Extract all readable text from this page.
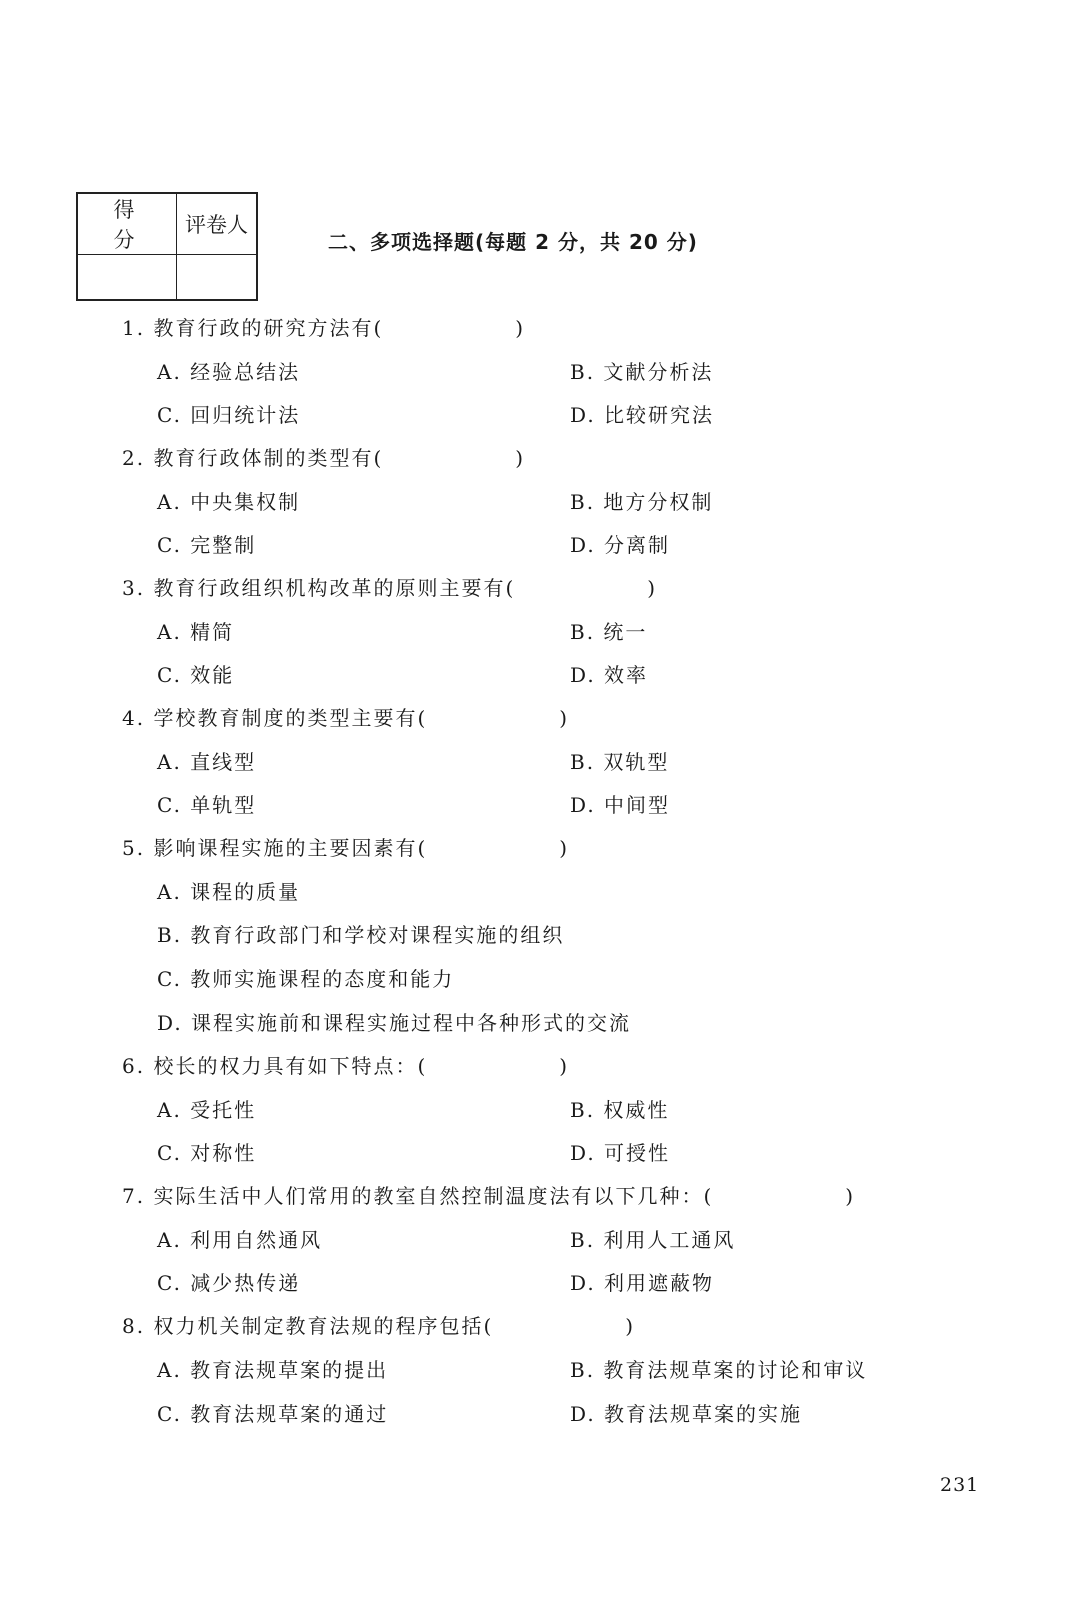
得 分	评卷人

二、多项选择题(每题 2 分，共 20 分)
1. 教育行政的研究方法有(　　　　　　)
A. 经验总结法	B. 文献分析法
C. 回归统计法	D. 比较研究法
2. 教育行政体制的类型有(　　　　　　)
A. 中央集权制	B. 地方分权制
C. 完整制	D. 分离制
3. 教育行政组织机构改革的原则主要有(　　　　　　)
A. 精简	B. 统一
C. 效能	D. 效率
4. 学校教育制度的类型主要有(　　　　　　)
A. 直线型	B. 双轨型
C. 单轨型	D. 中间型
5. 影响课程实施的主要因素有(　　　　　　)
A. 课程的质量
B. 教育行政部门和学校对课程实施的组织
C. 教师实施课程的态度和能力
D. 课程实施前和课程实施过程中各种形式的交流
6. 校长的权力具有如下特点：(　　　　　　)
A. 受托性	B. 权威性
C. 对称性	D. 可授性
7. 实际生活中人们常用的教室自然控制温度法有以下几种：(　　　　　　)
A. 利用自然通风	B. 利用人工通风
C. 减少热传递	D. 利用遮蔽物
8. 权力机关制定教育法规的程序包括(　　　　　　)
A. 教育法规草案的提出	B. 教育法规草案的讨论和审议
C. 教育法规草案的通过	D. 教育法规草案的实施
231
